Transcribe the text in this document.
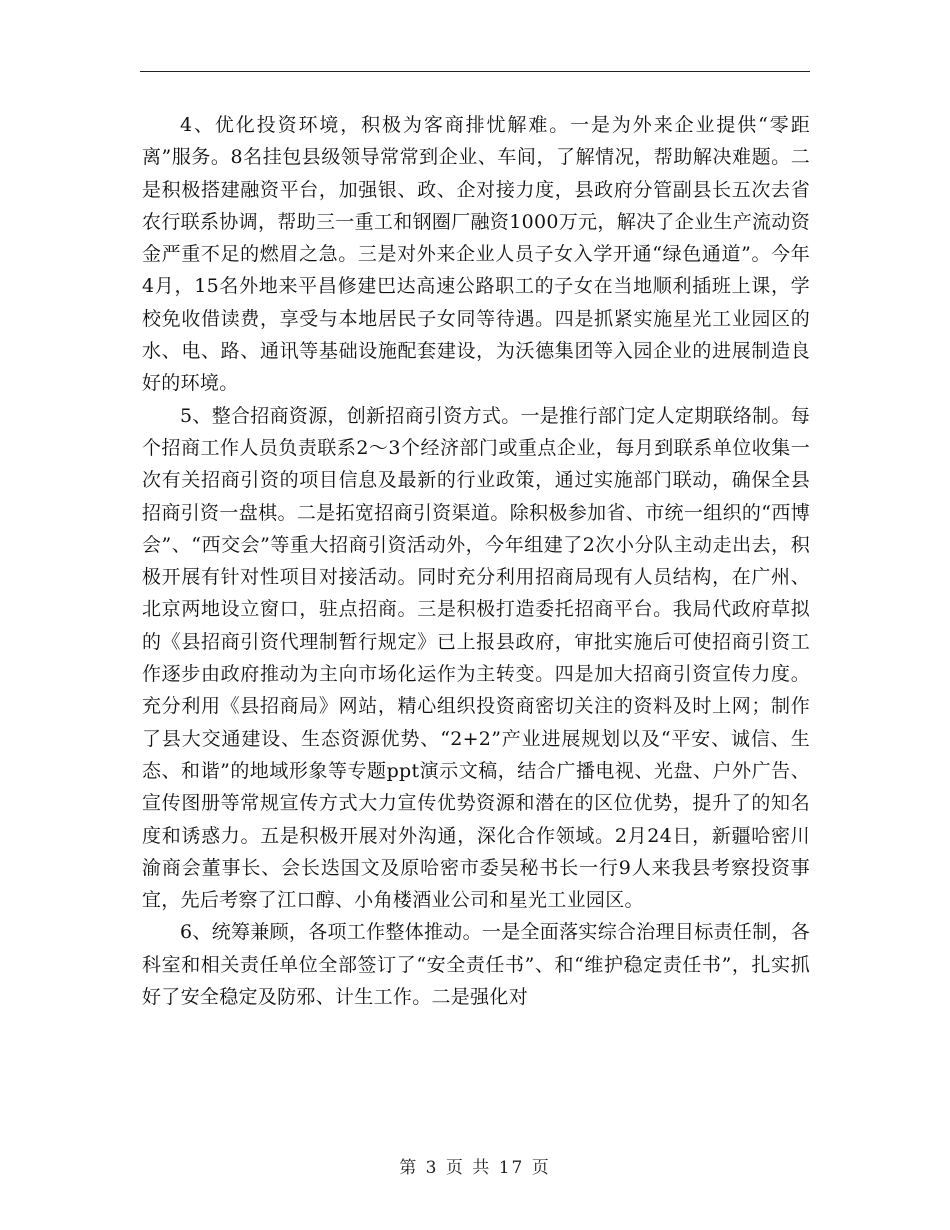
4、优化投资环境，积极为客商排忧解难。一是为外来企业提供“零距离”服务。8名挂包县级领导常常到企业、车间，了解情况，帮助解决难题。二是积极搭建融资平台，加强银、政、企对接力度，县政府分管副县长五次去省农行联系协调，帮助三一重工和钢圈厂融资1000万元，解决了企业生产流动资金严重不足的燃眉之急。三是对外来企业人员子女入学开通“绿色通道”。今年4月，15名外地来平昌修建巴达高速公路职工的子女在当地顺利插班上课，学校免收借读费，享受与本地居民子女同等待遇。四是抓紧实施星光工业园区的水、电、路、通讯等基础设施配套建设，为沃德集团等入园企业的进展制造良好的环境。

5、整合招商资源，创新招商引资方式。一是推行部门定人定期联络制。每个招商工作人员负责联系2～3个经济部门或重点企业，每月到联系单位收集一次有关招商引资的项目信息及最新的行业政策，通过实施部门联动，确保全县招商引资一盘棋。二是拓宽招商引资渠道。除积极参加省、市统一组织的“西博会”、“西交会”等重大招商引资活动外，今年组建了2次小分队主动走出去，积极开展有针对性项目对接活动。同时充分利用招商局现有人员结构，在广州、北京两地设立窗口，驻点招商。三是积极打造委托招商平台。我局代政府草拟的《县招商引资代理制暂行规定》已上报县政府，审批实施后可使招商引资工作逐步由政府推动为主向市场化运作为主转变。四是加大招商引资宣传力度。充分利用《县招商局》网站，精心组织投资商密切关注的资料及时上网；制作了县大交通建设、生态资源优势、“2+2”产业进展规划以及“平安、诚信、生态、和谐”的地域形象等专题ppt演示文稿，结合广播电视、光盘、户外广告、宣传图册等常规宣传方式大力宣传优势资源和潜在的区位优势，提升了的知名度和诱惑力。五是积极开展对外沟通，深化合作领域。2月24日，新疆哈密川渝商会董事长、会长迭国文及原哈密市委吴秘书长一行9人来我县考察投资事宜，先后考察了江口醇、小角楼酒业公司和星光工业园区。

6、统筹兼顾，各项工作整体推动。一是全面落实综合治理目标责任制，各科室和相关责任单位全部签订了“安全责任书”、和“维护稳定责任书”，扎实抓好了安全稳定及防邪、计生工作。二是强化对

第 3 页 共 17 页
